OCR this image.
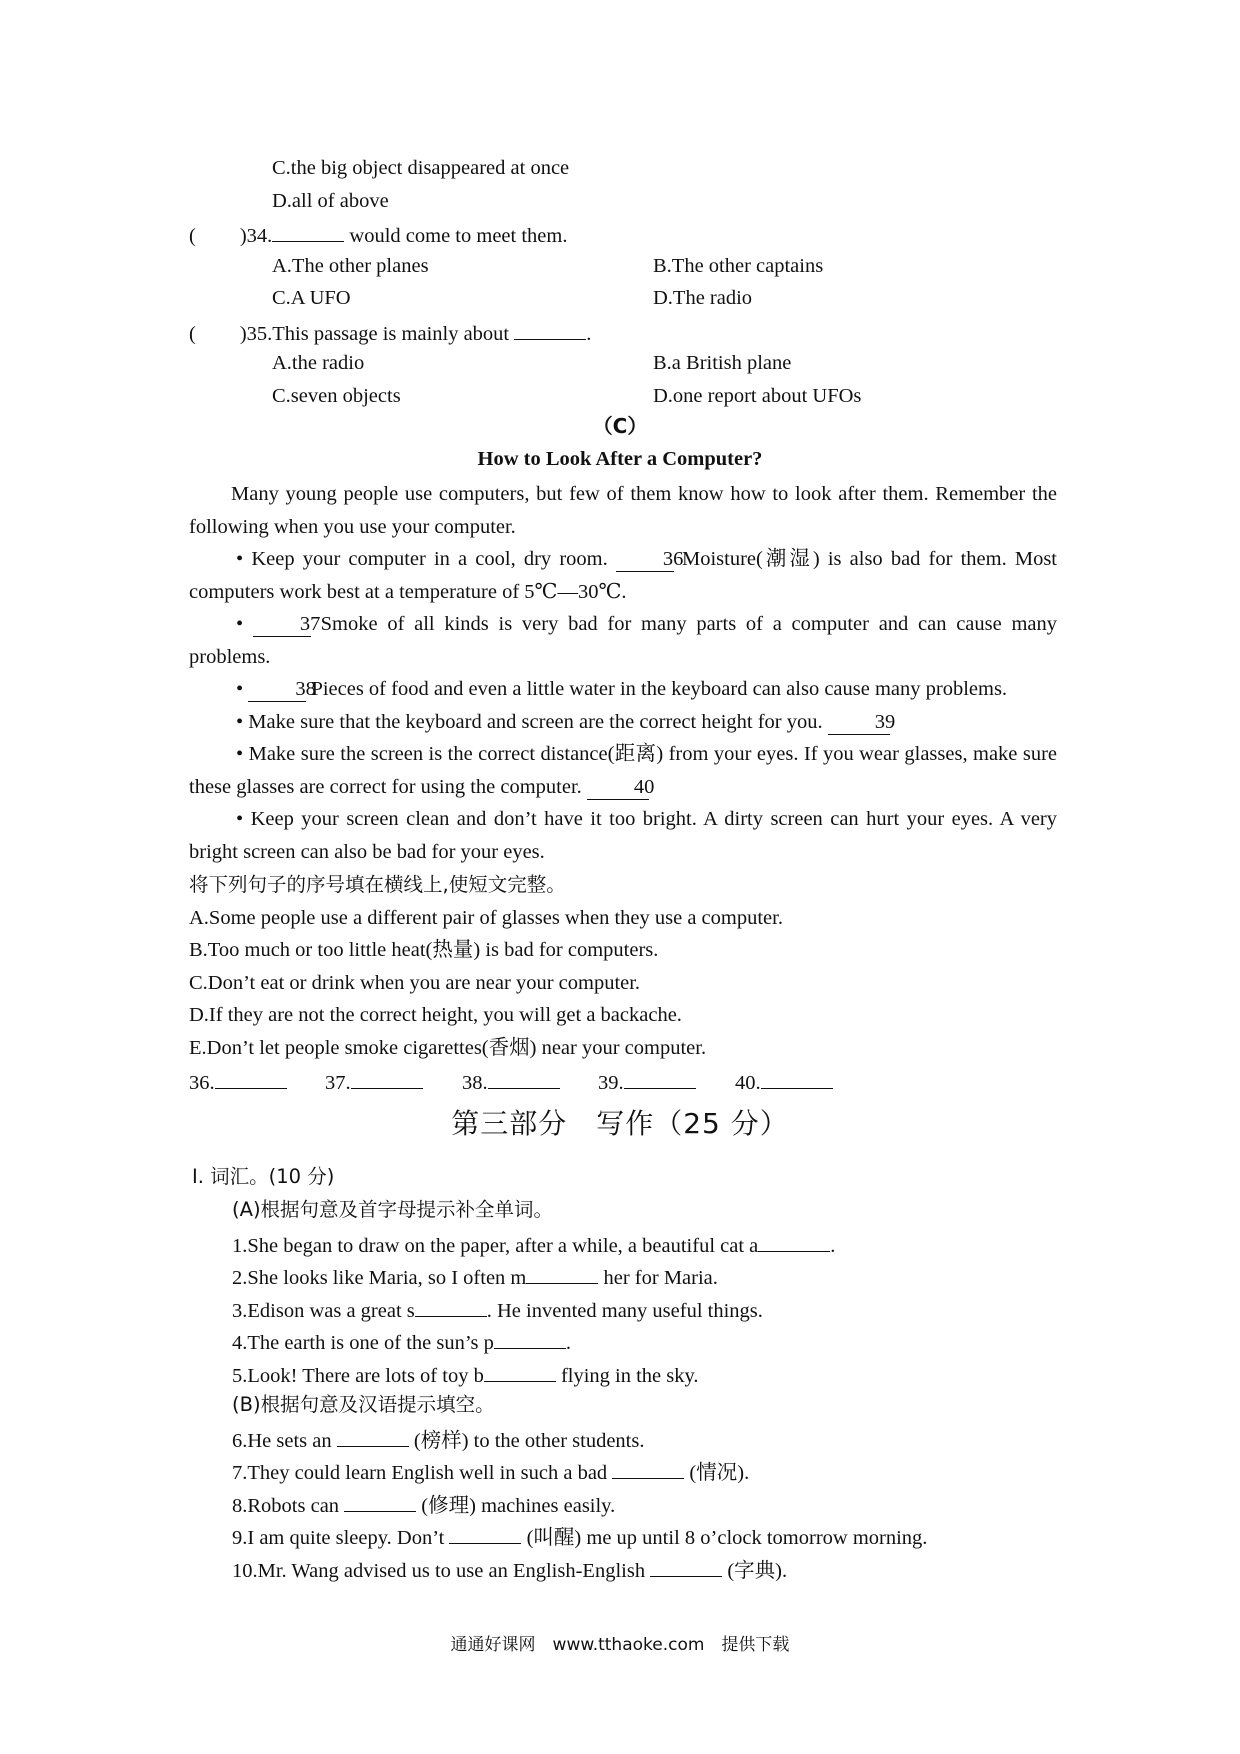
C.the big object disappeared at once
D.all of above
( )34.	would come to meet them.
A.The other planes	B.The other captains
C.A UFO	D.The radio
( )35.This passage is mainly about	.
A.the radio	B.a British plane
C.seven objects	D.one report about UFOs
（C）
How to Look After a Computer?
Many young people use computers, but few of them know how to look after them. Remember the following when you use your computer.
• Keep your computer in a cool, dry room.	36 Moisture(潮湿) is also bad for them. Most computers work best at a temperature of 5℃—30℃.
•	37 Smoke of all kinds is very bad for many parts of a computer and can cause many problems.
•	38 Pieces of food and even a little water in the keyboard can also cause many problems.
• Make sure that the keyboard and screen are the correct height for you.	39
• Make sure the screen is the correct distance(距离) from your eyes. If you wear glasses, make sure these glasses are correct for using the computer.	40
• Keep your screen clean and don’t have it too bright. A dirty screen can hurt your eyes. A very bright screen can also be bad for your eyes.
将下列句子的序号填在横线上,使短文完整。
A.Some people use a different pair of glasses when they use a computer.
B.Too much or too little heat(热量) is bad for computers.
C.Don’t eat or drink when you are near your computer.
D.If they are not the correct height, you will get a backache.
E.Don’t let people smoke cigarettes(香烟) near your computer.
36.	37.	38.	39.	40.
第三部分　写作（25 分）
Ⅰ. 词汇。(10 分)
(A)根据句意及首字母提示补全单词。
1.She began to draw on the paper, after a while, a beautiful cat a	.
2.She looks like Maria, so I often m	her for Maria.
3.Edison was a great s	. He invented many useful things.
4.The earth is one of the sun’s p	.
5.Look! There are lots of toy b	flying in the sky.
(B)根据句意及汉语提示填空。
6.He sets an	(榜样) to the other students.
7.They could learn English well in such a bad	(情况).
8.Robots can	(修理) machines easily.
9.I am quite sleepy. Don’t	(叫醒) me up until 8 o’clock tomorrow morning.
10.Mr. Wang advised us to use an English-English	(字典).
通通好课网　www.tthaoke.com　提供下载
